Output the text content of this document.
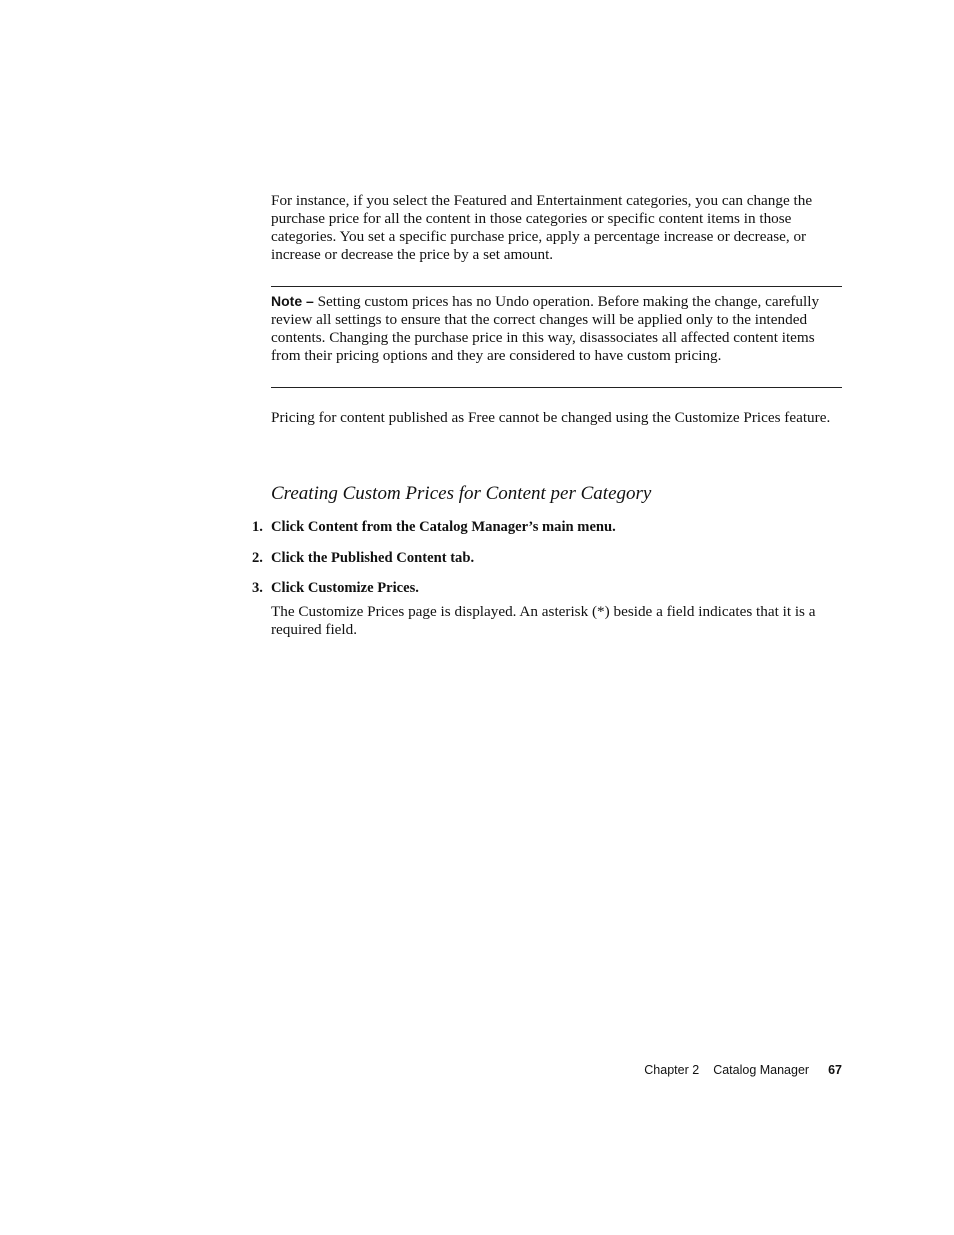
For instance, if you select the Featured and Entertainment categories, you can change the purchase price for all the content in those categories or specific content items in those categories. You set a specific purchase price, apply a percentage increase or decrease, or increase or decrease the price by a set amount.

Note – Setting custom prices has no Undo operation. Before making the change, carefully review all settings to ensure that the correct changes will be applied only to the intended contents. Changing the purchase price in this way, disassociates all affected content items from their pricing options and they are considered to have custom pricing.

Pricing for content published as Free cannot be changed using the Customize Prices feature.

Creating Custom Prices for Content per Category
1. Click Content from the Catalog Manager’s main menu.
2. Click the Published Content tab.
3. Click Customize Prices.

The Customize Prices page is displayed. An asterisk (*) beside a field indicates that it is a required field.

Chapter 2 Catalog Manager 67
